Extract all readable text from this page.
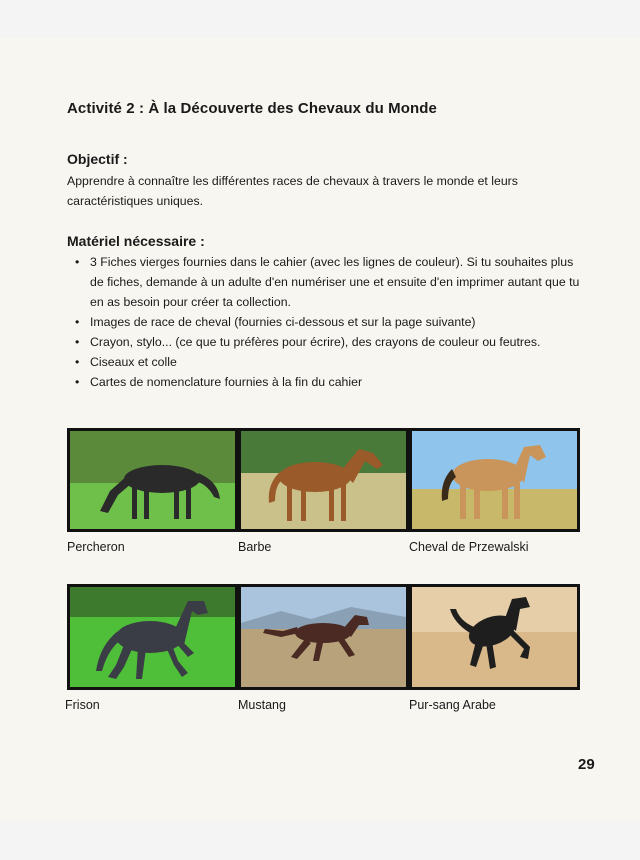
Activité 2 : À la Découverte des Chevaux du Monde
Objectif :

Apprendre à connaître les différentes races de chevaux à travers le monde et leurs caractéristiques uniques.

Matériel nécessaire :
• 3 Fiches vierges fournies dans le cahier (avec les lignes de couleur). Si tu souhaites plus de fiches, demande à un adulte d'en numériser une et ensuite d'en imprimer autant que tu en as besoin pour créer ta collection.
• Images de race de cheval (fournies ci-dessous et sur la page suivante)
• Crayon, stylo... (ce que tu préfères pour écrire), des crayons de couleur ou feutres.
• Ciseaux et colle
• Cartes de nomenclature fournies à la fin du cahier
Percheron	Barbe	Cheval de Przewalski
Frison	Mustang	Pur-sang Arabe
29
